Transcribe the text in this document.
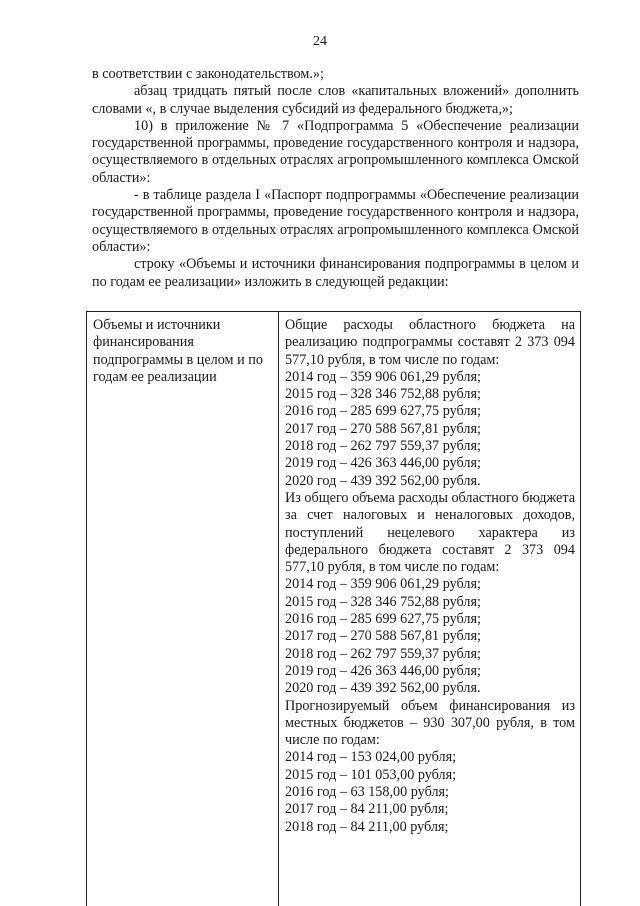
24

в соответствии с законодательством.»;

абзац тридцать пятый после слов «капитальных вложений» дополнить словами «, в случае выделения субсидий из федерального бюджета,»;

10) в приложение № 7 «Подпрограмма 5 «Обеспечение реализации государственной программы, проведение государственного контроля и надзора, осуществляемого в отдельных отраслях агропромышленного комплекса Омской области»:

- в таблице раздела I «Паспорт подпрограммы «Обеспечение реализации государственной программы, проведение государственного контроля и надзора, осуществляемого в отдельных отраслях агропромышленного комплекса Омской области»:

строку «Объемы и источники финансирования подпрограммы в целом и по годам ее реализации» изложить в следующей редакции:

Объемы и источники финансирования подпрограммы в целом и по годам ее реализации

Общие расходы областного бюджета на реализацию подпрограммы составят 2 373 094 577,10 рубля, в том числе по годам:

2014 год – 359 906 061,29 рубля;
2015 год – 328 346 752,88 рубля;
2016 год – 285 699 627,75 рубля;
2017 год – 270 588 567,81 рубля;
2018 год – 262 797 559,37 рубля;
2019 год – 426 363 446,00 рубля;
2020 год – 439 392 562,00 рубля.

Из общего объема расходы областного бюджета за счет налоговых и неналоговых доходов, поступлений нецелевого характера из федерального бюджета составят 2 373 094 577,10 рубля, в том числе по годам:

2014 год – 359 906 061,29 рубля;
2015 год – 328 346 752,88 рубля;
2016 год – 285 699 627,75 рубля;
2017 год – 270 588 567,81 рубля;
2018 год – 262 797 559,37 рубля;
2019 год – 426 363 446,00 рубля;
2020 год – 439 392 562,00 рубля.

Прогнозируемый объем финансирования из местных бюджетов – 930 307,00 рубля, в том числе по годам:

2014 год – 153 024,00 рубля;
2015 год – 101 053,00 рубля;
2016 год – 63 158,00 рубля;
2017 год – 84 211,00 рубля;
2018 год – 84 211,00 рубля;
